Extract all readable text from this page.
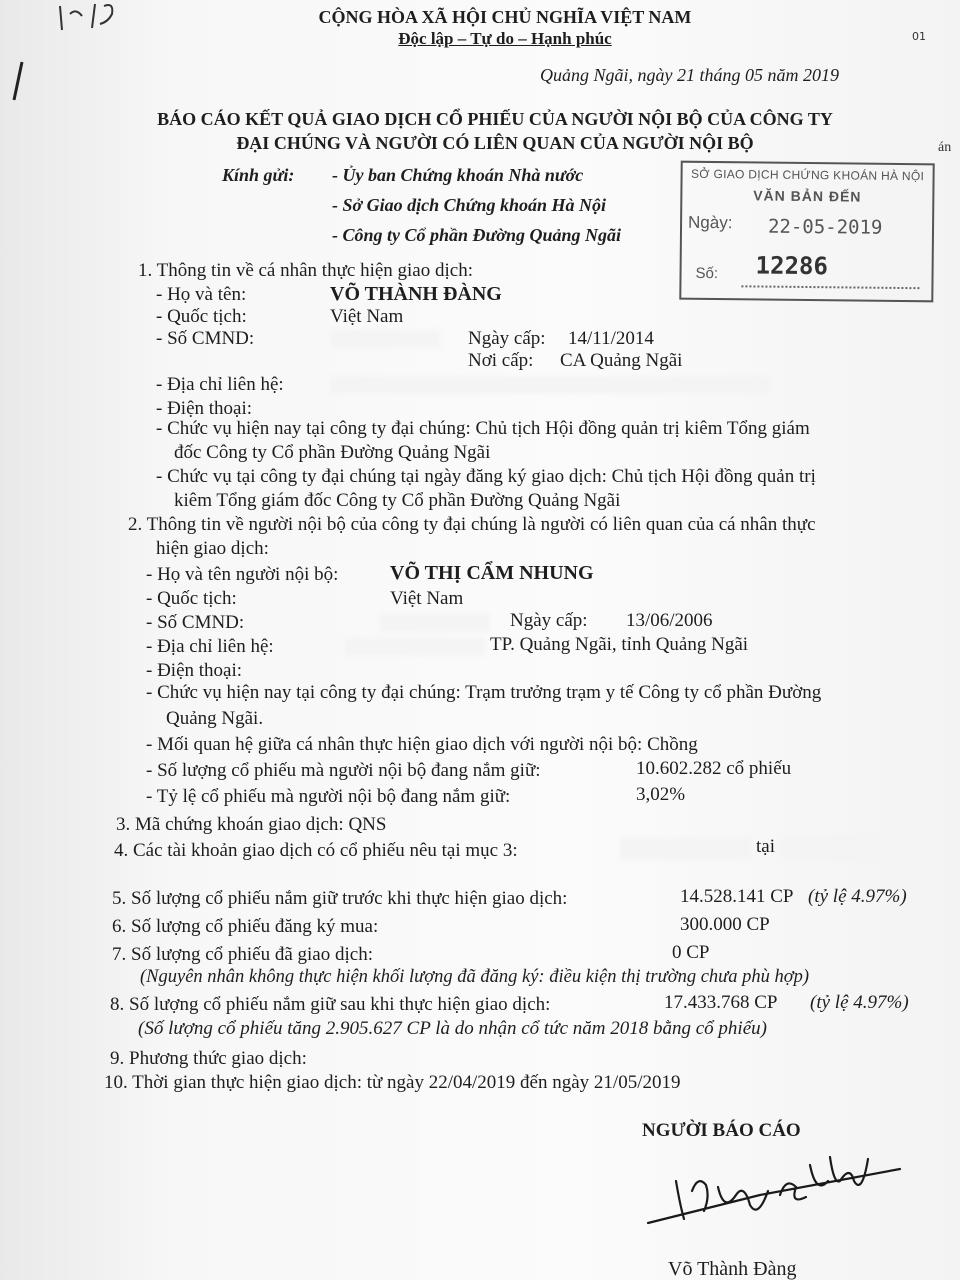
01
án
CỘNG HÒA XÃ HỘI CHỦ NGHĨA VIỆT NAM
Độc lập – Tự do – Hạnh phúc
Quảng Ngãi, ngày 21 tháng 05 năm 2019
BÁO CÁO KẾT QUẢ GIAO DỊCH CỔ PHIẾU CỦA NGƯỜI NỘI BỘ CỦA CÔNG TY
ĐẠI CHÚNG VÀ NGƯỜI CÓ LIÊN QUAN CỦA NGƯỜI NỘI BỘ
Kính gửi: - Ủy ban Chứng khoán Nhà nước
- Sở Giao dịch Chứng khoán Hà Nội
- Công ty Cổ phần Đường Quảng Ngãi
SỞ GIAO DỊCH CHỨNG KHOÁN HÀ NỘI
VĂN BẢN ĐẾN
Ngày: 22-05-2019
Số: 12286
1. Thông tin về cá nhân thực hiện giao dịch:
- Họ và tên:	VÕ THÀNH ĐÀNG
- Quốc tịch:	Việt Nam
- Số CMND:	Ngày cấp: 14/11/2014
Nơi cấp: CA Quảng Ngãi
- Địa chỉ liên hệ:
- Điện thoại:
- Chức vụ hiện nay tại công ty đại chúng: Chủ tịch Hội đồng quản trị kiêm Tổng giám
đốc Công ty Cổ phần Đường Quảng Ngãi
- Chức vụ tại công ty đại chúng tại ngày đăng ký giao dịch: Chủ tịch Hội đồng quản trị
kiêm Tổng giám đốc Công ty Cổ phần Đường Quảng Ngãi
2. Thông tin về người nội bộ của công ty đại chúng là người có liên quan của cá nhân thực
hiện giao dịch:
- Họ và tên người nội bộ:	VÕ THỊ CẨM NHUNG
- Quốc tịch:	Việt Nam
- Số CMND:	Ngày cấp: 13/06/2006
- Địa chỉ liên hệ:	TP. Quảng Ngãi, tỉnh Quảng Ngãi
- Điện thoại:
- Chức vụ hiện nay tại công ty đại chúng: Trạm trưởng trạm y tế Công ty cổ phần Đường
Quảng Ngãi.
- Mối quan hệ giữa cá nhân thực hiện giao dịch với người nội bộ: Chồng
- Số lượng cổ phiếu mà người nội bộ đang nắm giữ:	10.602.282 cổ phiếu
- Tỷ lệ cổ phiếu mà người nội bộ đang nắm giữ:	3,02%
3. Mã chứng khoán giao dịch: QNS
4. Các tài khoản giao dịch có cổ phiếu nêu tại mục 3:	tại
5. Số lượng cổ phiếu nắm giữ trước khi thực hiện giao dịch:	14.528.141 CP (tỷ lệ 4.97%)
6. Số lượng cổ phiếu đăng ký mua:	300.000 CP
7. Số lượng cổ phiếu đã giao dịch:	0 CP
(Nguyên nhân không thực hiện khối lượng đã đăng ký: điều kiện thị trường chưa phù hợp)
8. Số lượng cổ phiếu nắm giữ sau khi thực hiện giao dịch:	17.433.768 CP (tỷ lệ 4.97%)
(Số lượng cổ phiếu tăng 2.905.627 CP là do nhận cổ tức năm 2018 bằng cổ phiếu)
9. Phương thức giao dịch:
10. Thời gian thực hiện giao dịch: từ ngày 22/04/2019 đến ngày 21/05/2019
NGƯỜI BÁO CÁO
Võ Thành Đàng
